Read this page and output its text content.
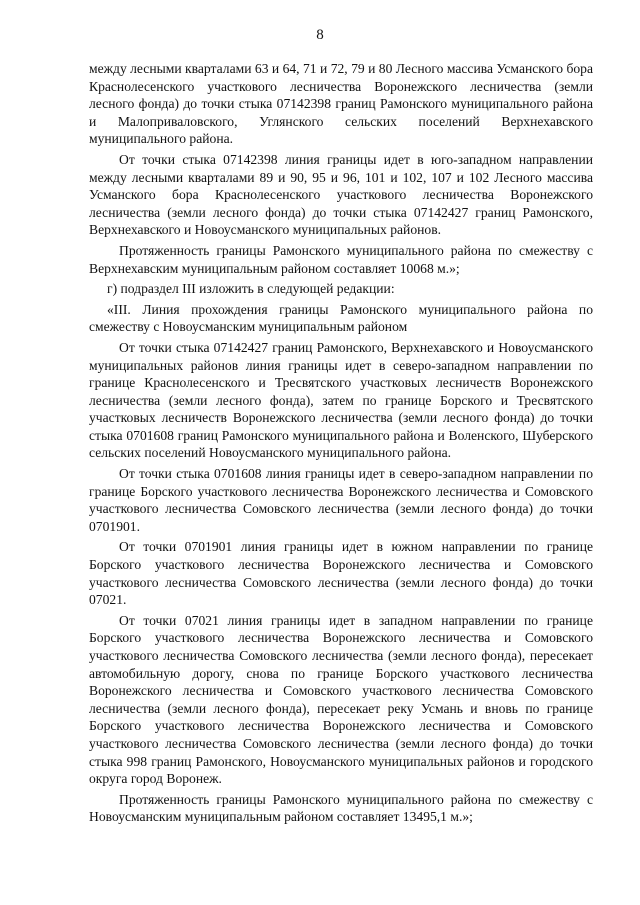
8

между лесными кварталами 63 и 64, 71 и 72, 79 и 80 Лесного массива Усманского бора Краснолесенского участкового лесничества Воронежского лесничества (земли лесного фонда) до точки стыка 07142398 границ Рамонского муниципального района и Малоприваловского, Углянского сельских поселений Верхнехавского муниципального района.

От точки стыка 07142398 линия границы идет в юго-западном направлении между лесными кварталами 89 и 90, 95 и 96, 101 и 102, 107 и 102 Лесного массива Усманского бора Краснолесенского участкового лесничества Воронежского лесничества (земли лесного фонда) до точки стыка 07142427 границ Рамонского, Верхнехавского и Новоусманского муниципальных районов.

Протяженность границы Рамонского муниципального района по смежеству с Верхнехавским муниципальным районом составляет 10068 м.»;

г) подраздел III изложить в следующей редакции:

«III. Линия прохождения границы Рамонского муниципального района по смежеству с Новоусманским муниципальным районом

От точки стыка 07142427 границ Рамонского, Верхнехавского и Новоусманского муниципальных районов линия границы идет в северо-западном направлении по границе Краснолесенского и Тресвятского участковых лесничеств Воронежского лесничества (земли лесного фонда), затем по границе Борского и Тресвятского участковых лесничеств Воронежского лесничества (земли лесного фонда) до точки стыка 0701608 границ Рамонского муниципального района и Воленского, Шуберского сельских поселений Новоусманского муниципального района.

От точки стыка 0701608 линия границы идет в северо-западном направлении по границе Борского участкового лесничества Воронежского лесничества и Сомовского участкового лесничества Сомовского лесничества (земли лесного фонда) до точки 0701901.

От точки 0701901 линия границы идет в южном направлении по границе Борского участкового лесничества Воронежского лесничества и Сомовского участкового лесничества Сомовского лесничества (земли лесного фонда) до точки 07021.

От точки 07021 линия границы идет в западном направлении по границе Борского участкового лесничества Воронежского лесничества и Сомовского участкового лесничества Сомовского лесничества (земли лесного фонда), пересекает автомобильную дорогу, снова по границе Борского участкового лесничества Воронежского лесничества и Сомовского участкового лесничества Сомовского лесничества (земли лесного фонда), пересекает реку Усмань и вновь по границе Борского участкового лесничества Воронежского лесничества и Сомовского участкового лесничества Сомовского лесничества (земли лесного фонда) до точки стыка 998 границ Рамонского, Новоусманского муниципальных районов и городского округа город Воронеж.

Протяженность границы Рамонского муниципального района по смежеству с Новоусманским муниципальным районом составляет 13495,1 м.»;
